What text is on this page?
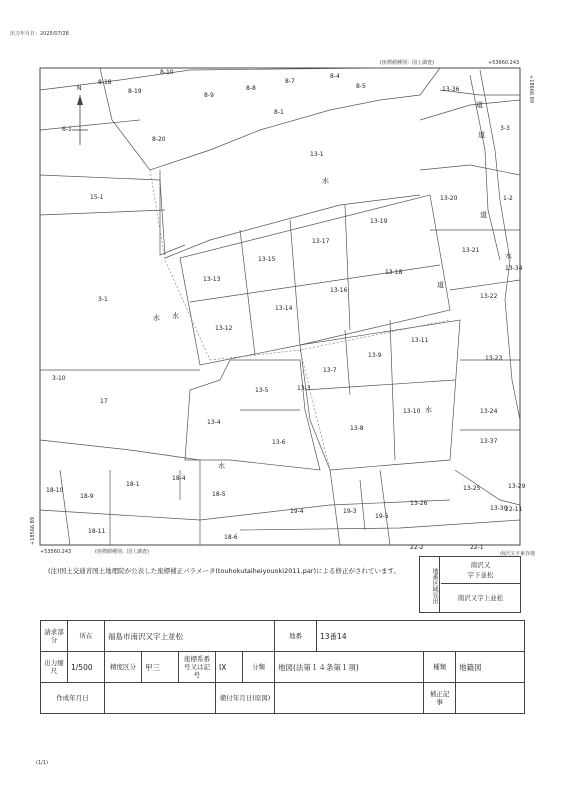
出力年月日：2025/07/28
(座標値種別：国土調査)	+53660.243
+53560.243	(座標値種別：国土調査)
+18666.89
+18566.89
N
8-18
8-10
8-19
8-9
8-8
8-7
8-4
8-5
8-1
8-20
6-1
13-1
13-36
3-3
1-2
15-1
13-19
13-17
13-15
13-13
13-18
13-16
13-14
13-12
13-20
13-21
13-34
13-22
3-1
13-11
13-9
13-7
13-23
3-10
13-5	13-3
13-4
13-6
13-8
13-10	13-24
17
13-37
18-4
18-1
18-10
18-9	18-5
18-11
18-6
19-4	19-3
19-5
13-26
13-25	13-29
13-30
22-11
22-2	22-1
水
水 水
水
水
水
道
道
道
道
南沢又字東谷地
(注)国土交通省国土地理院が公表した座標補正パラメータ(touhokutaiheiyouoki2011.par)による修正がされています。	地番区域見出
南沢又
字下並松
南沢又字上並松
請求部分	所在	福島市南沢又字上並松					地番	13番14		
出力縮尺	1/500	精度区分	甲三	座標系番号又は記号	IX	分類	地図(法第１４条第１項)		種類	地籍図
作成年月日					備付年月日(原図)				補正記事	
(1/1)
